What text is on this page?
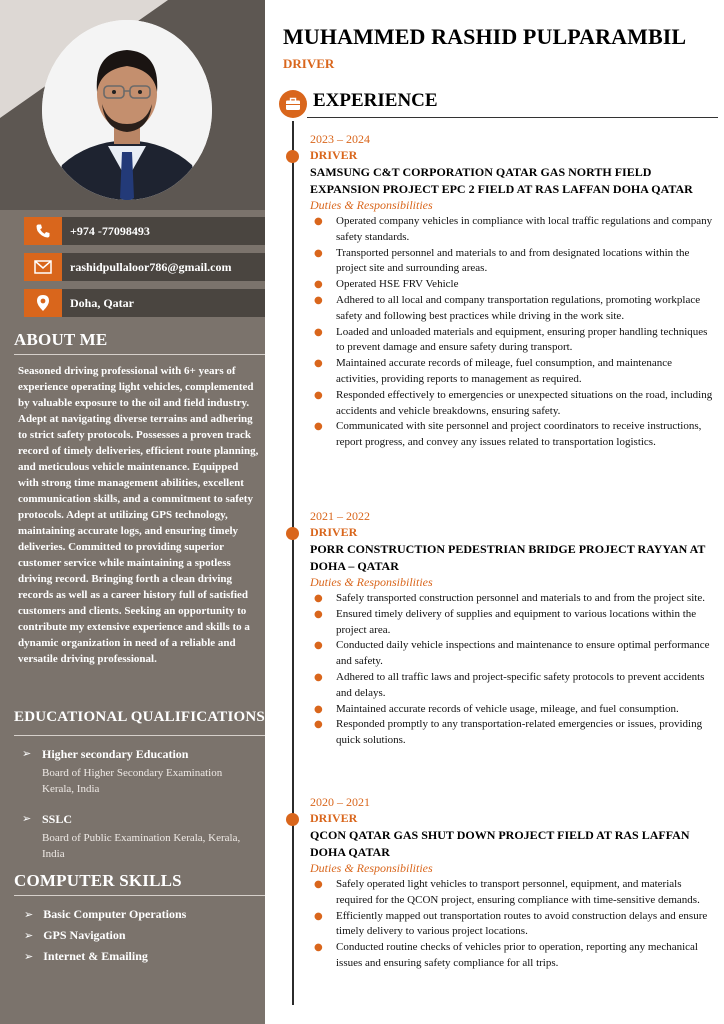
+974 -77098493
rashidpullaloor786@gmail.com
Doha, Qatar
ABOUT ME
Seasoned driving professional with 6+ years of experience operating light vehicles, complemented by valuable exposure to the oil and field industry. Adept at navigating diverse terrains and adhering to strict safety protocols. Possesses a proven track record of timely deliveries, efficient route planning, and meticulous vehicle maintenance. Equipped with strong time management abilities, excellent communication skills, and a commitment to safety protocols. Adept at utilizing GPS technology, maintaining accurate logs, and ensuring timely deliveries. Committed to providing superior customer service while maintaining a spotless driving record. Bringing forth a clean driving records as well as a career history full of satisfied customers and clients. Seeking an opportunity to contribute my extensive experience and skills to a dynamic organization in need of a reliable and versatile driving professional.
EDUCATIONAL QUALIFICATIONS
➢ Higher secondary Education
Board of Higher Secondary Examination Kerala, India
➢ SSLC
Board of Public Examination Kerala, Kerala, India
COMPUTER SKILLS
➢ Basic Computer Operations
➢ GPS Navigation
➢ Internet & Emailing
MUHAMMED RASHID PULPARAMBIL
DRIVER
EXPERIENCE
2023 – 2024
DRIVER
SAMSUNG C&T CORPORATION QATAR GAS NORTH FIELD EXPANSION PROJECT EPC 2 FIELD AT RAS LAFFAN DOHA QATAR
Duties & Responsibilities
● Operated company vehicles in compliance with local traffic regulations and company safety standards.
● Transported personnel and materials to and from designated locations within the project site and surrounding areas.
● Operated HSE FRV Vehicle
● Adhered to all local and company transportation regulations, promoting workplace safety and following best practices while driving in the work site.
● Loaded and unloaded materials and equipment, ensuring proper handling techniques to prevent damage and ensure safety during transport.
● Maintained accurate records of mileage, fuel consumption, and maintenance activities, providing reports to management as required.
● Responded effectively to emergencies or unexpected situations on the road, including accidents and vehicle breakdowns, ensuring safety.
● Communicated with site personnel and project coordinators to receive instructions, report progress, and convey any issues related to transportation logistics.
2021 – 2022
DRIVER
PORR CONSTRUCTION PEDESTRIAN BRIDGE PROJECT RAYYAN AT DOHA – QATAR
Duties & Responsibilities
● Safely transported construction personnel and materials to and from the project site.
● Ensured timely delivery of supplies and equipment to various locations within the project area.
● Conducted daily vehicle inspections and maintenance to ensure optimal performance and safety.
● Adhered to all traffic laws and project-specific safety protocols to prevent accidents and delays.
● Maintained accurate records of vehicle usage, mileage, and fuel consumption.
● Responded promptly to any transportation-related emergencies or issues, providing quick solutions.
2020 – 2021
DRIVER
QCON QATAR GAS SHUT DOWN PROJECT FIELD AT RAS LAFFAN DOHA QATAR
Duties & Responsibilities
● Safely operated light vehicles to transport personnel, equipment, and materials required for the QCON project, ensuring compliance with time-sensitive demands.
● Efficiently mapped out transportation routes to avoid construction delays and ensure timely delivery to various project locations.
● Conducted routine checks of vehicles prior to operation, reporting any mechanical issues and ensuring safety compliance for all trips.
